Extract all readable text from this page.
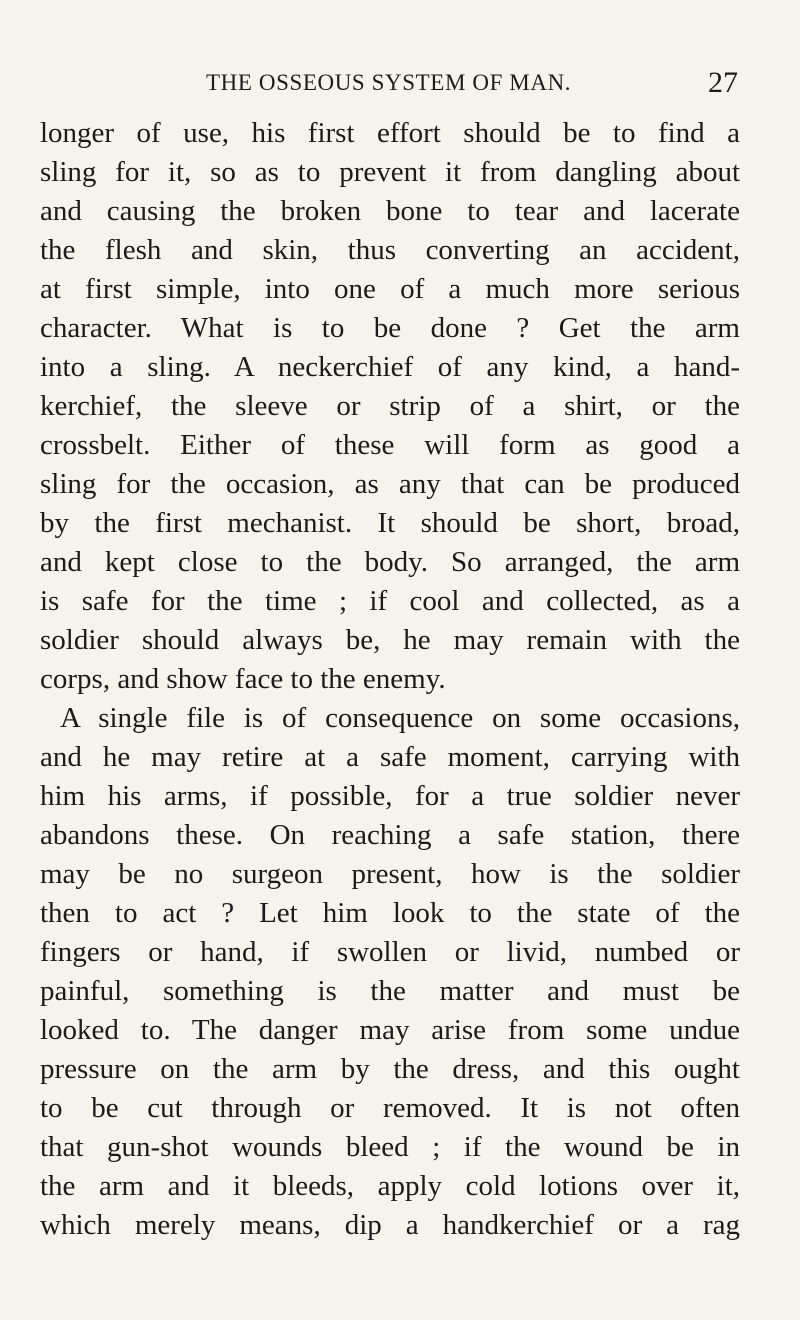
THE OSSEOUS SYSTEM OF MAN.	27
longer of use, his first effort should be to find a
sling for it, so as to prevent it from dangling about
and causing the broken bone to tear and lacerate
the flesh and skin, thus converting an accident,
at first simple, into one of a much more serious
character. What is to be done ? Get the arm
into a sling. A neckerchief of any kind, a hand-
kerchief, the sleeve or strip of a shirt, or the
crossbelt. Either of these will form as good a
sling for the occasion, as any that can be produced
by the first mechanist. It should be short, broad,
and kept close to the body. So arranged, the arm
is safe for the time ; if cool and collected, as a
soldier should always be, he may remain with the
corps, and show face to the enemy.
A single file is of consequence on some occasions,
and he may retire at a safe moment, carrying with
him his arms, if possible, for a true soldier never
abandons these. On reaching a safe station, there
may be no surgeon present, how is the soldier
then to act ? Let him look to the state of the
fingers or hand, if swollen or livid, numbed or
painful, something is the matter and must be
looked to. The danger may arise from some undue
pressure on the arm by the dress, and this ought
to be cut through or removed. It is not often
that gun-shot wounds bleed ; if the wound be in
the arm and it bleeds, apply cold lotions over it,
which merely means, dip a handkerchief or a rag
